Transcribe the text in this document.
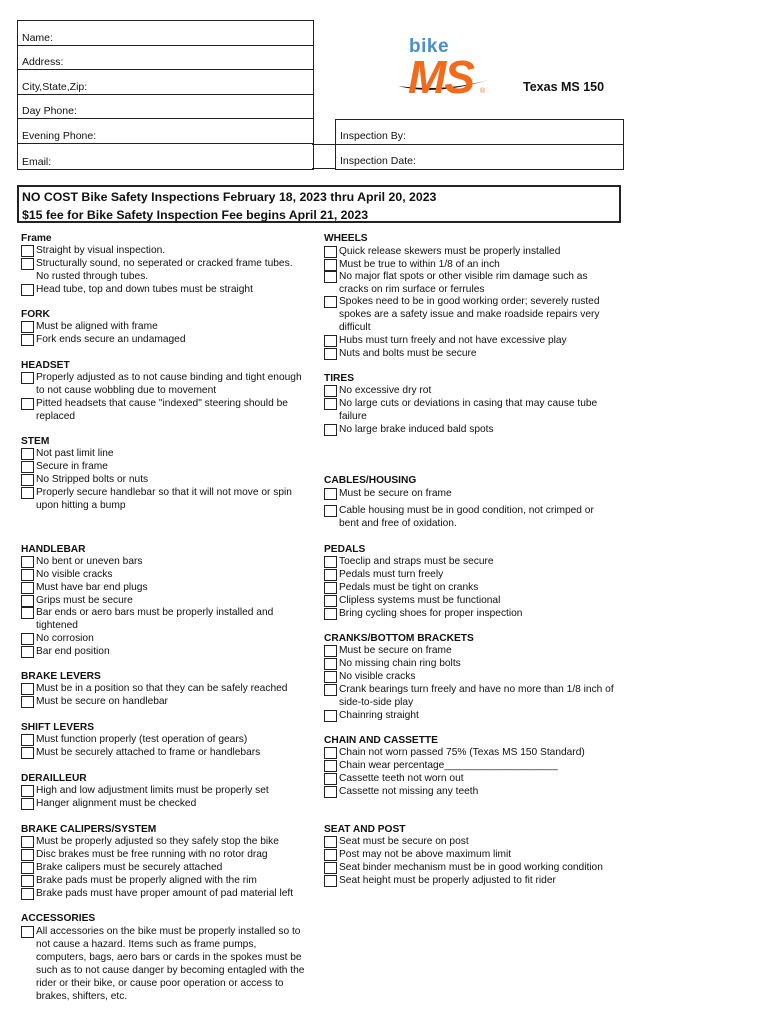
Name:
Address:
City,State,Zip:
Day Phone:
Evening Phone:
Email:
Inspection By:
Inspection Date:
bike
MS ®	Texas MS 150
NO COST Bike Safety Inspections February 18, 2023 thru April 20, 2023
$15 fee for Bike Safety Inspection Fee begins April 21, 2023
Frame
Straight by visual inspection.
Structurally sound, no seperated or cracked frame tubes.
No rusted through tubes.
Head tube, top and down tubes must be straight
FORK
Must be aligned with frame
Fork ends secure an undamaged
HEADSET
Properly adjusted as to not cause binding and tight enough
to not cause wobbling due to movement
Pitted headsets that cause "indexed" steering should be
replaced
STEM
Not past limit line
Secure in frame
No Stripped bolts or nuts
Properly secure handlebar so that it will not move or spin
upon hitting a bump
HANDLEBAR
No bent or uneven bars
No visible cracks
Must have bar end plugs
Grips must be secure
Bar ends or aero bars must be properly installed and
tightened
No corrosion
Bar end position
BRAKE LEVERS
Must be in a position so that they can be safely reached
Must be secure on handlebar
SHIFT LEVERS
Must function properly (test operation of gears)
Must be securely attached to frame or handlebars
DERAILLEUR
High and low adjustment limits must be properly set
Hanger alignment must be checked
BRAKE CALIPERS/SYSTEM
Must be properly adjusted so they safely stop the bike
Disc brakes must be free running with no rotor drag
Brake calipers must be securely attached
Brake pads must be properly aligned with the rim
Brake pads must have proper amount of pad material left
ACCESSORIES
All accessories on the bike must be properly installed so to
not cause a hazard. Items such as frame pumps,
computers, bags, aero bars or cards in the spokes must be
such as to not cause danger by becoming entagled with the
rider or their bike, or cause poor operation or access to
brakes, shifters, etc.
WHEELS
Quick release skewers must be properly installed
Must be true to within 1/8 of an inch
No major flat spots or other visible rim damage such as
cracks on rim surface or ferrules
Spokes need to be in good working order; severely rusted
spokes are a safety issue and make roadside repairs very
difficult
Hubs must turn freely and not have excessive play
Nuts and bolts must be secure
TIRES
No excessive dry rot
No large cuts or deviations in casing that may cause tube
failure
No large brake induced bald spots
CABLES/HOUSING
Must be secure on frame
Cable housing must be in good condition, not crimped or
bent and free of oxidation.
PEDALS
Toeclip and straps must be secure
Pedals must turn freely
Pedals must be tight on cranks
Clipless systems must be functional
Bring cycling shoes for proper inspection
CRANKS/BOTTOM BRACKETS
Must be secure on frame
No missing chain ring bolts
No visible cracks
Crank bearings turn freely and have no more than 1/8 inch of
side-to-side play
Chainring straight
CHAIN AND CASSETTE
Chain not worn passed 75% (Texas MS 150 Standard)
Chain wear percentage____________________
Cassette teeth not worn out
Cassette not missing any teeth
SEAT AND POST
Seat must be secure on post
Post may not be above maximum limit
Seat binder mechanism must be in good working condition
Seat height must be properly adjusted to fit rider
